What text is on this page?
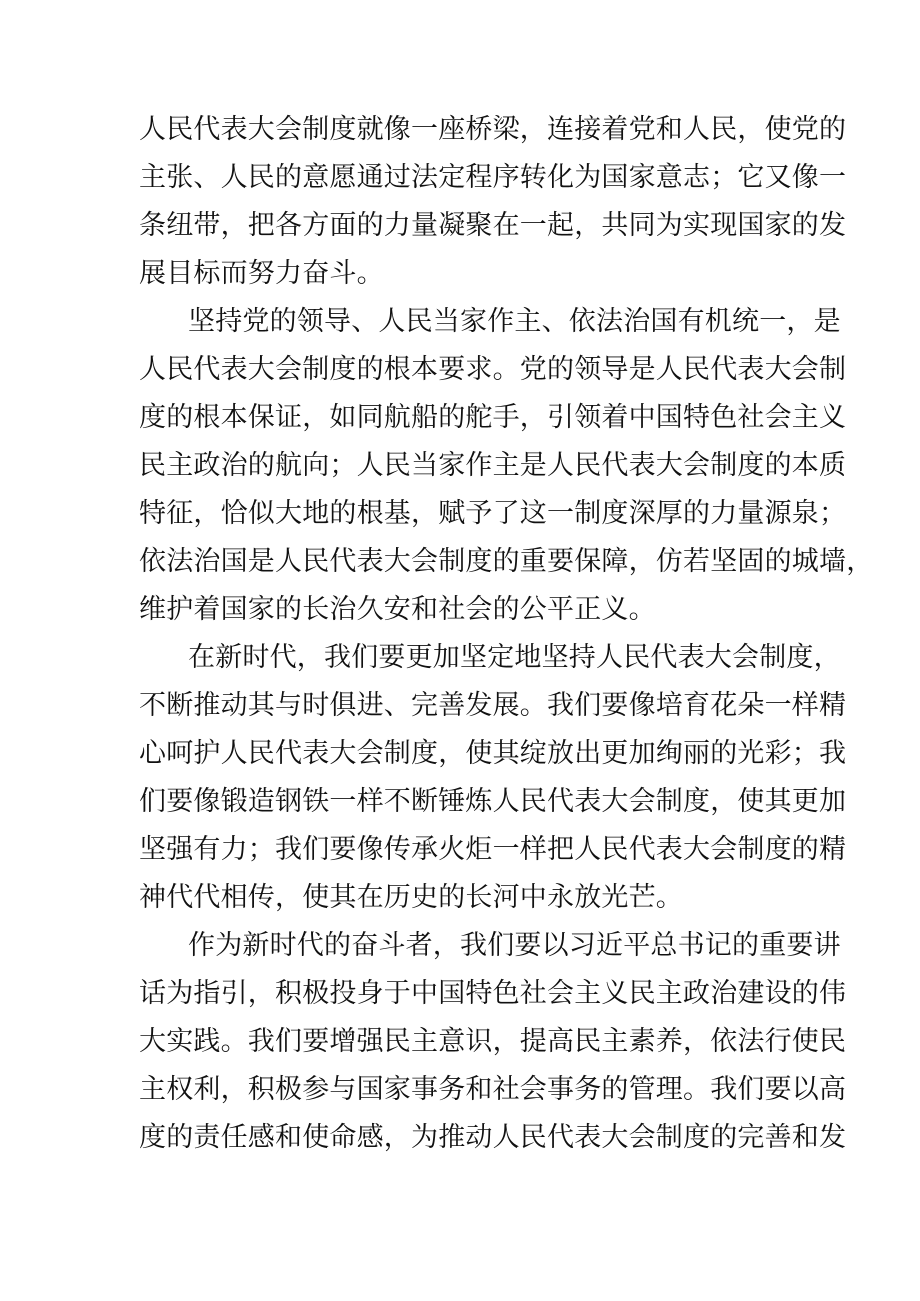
人民代表大会制度就像一座桥梁，连接着党和人民，使党的
主张、人民的意愿通过法定程序转化为国家意志；它又像一
条纽带，把各方面的力量凝聚在一起，共同为实现国家的发
展目标而努力奋斗。
坚持党的领导、人民当家作主、依法治国有机统一，是
人民代表大会制度的根本要求。党的领导是人民代表大会制
度的根本保证，如同航船的舵手，引领着中国特色社会主义
民主政治的航向；人民当家作主是人民代表大会制度的本质
特征，恰似大地的根基，赋予了这一制度深厚的力量源泉；
依法治国是人民代表大会制度的重要保障，仿若坚固的城墙，
维护着国家的长治久安和社会的公平正义。
在新时代，我们要更加坚定地坚持人民代表大会制度，
不断推动其与时俱进、完善发展。我们要像培育花朵一样精
心呵护人民代表大会制度，使其绽放出更加绚丽的光彩；我
们要像锻造钢铁一样不断锤炼人民代表大会制度，使其更加
坚强有力；我们要像传承火炬一样把人民代表大会制度的精
神代代相传，使其在历史的长河中永放光芒。
作为新时代的奋斗者，我们要以习近平总书记的重要讲
话为指引，积极投身于中国特色社会主义民主政治建设的伟
大实践。我们要增强民主意识，提高民主素养，依法行使民
主权利，积极参与国家事务和社会事务的管理。我们要以高
度的责任感和使命感，为推动人民代表大会制度的完善和发
